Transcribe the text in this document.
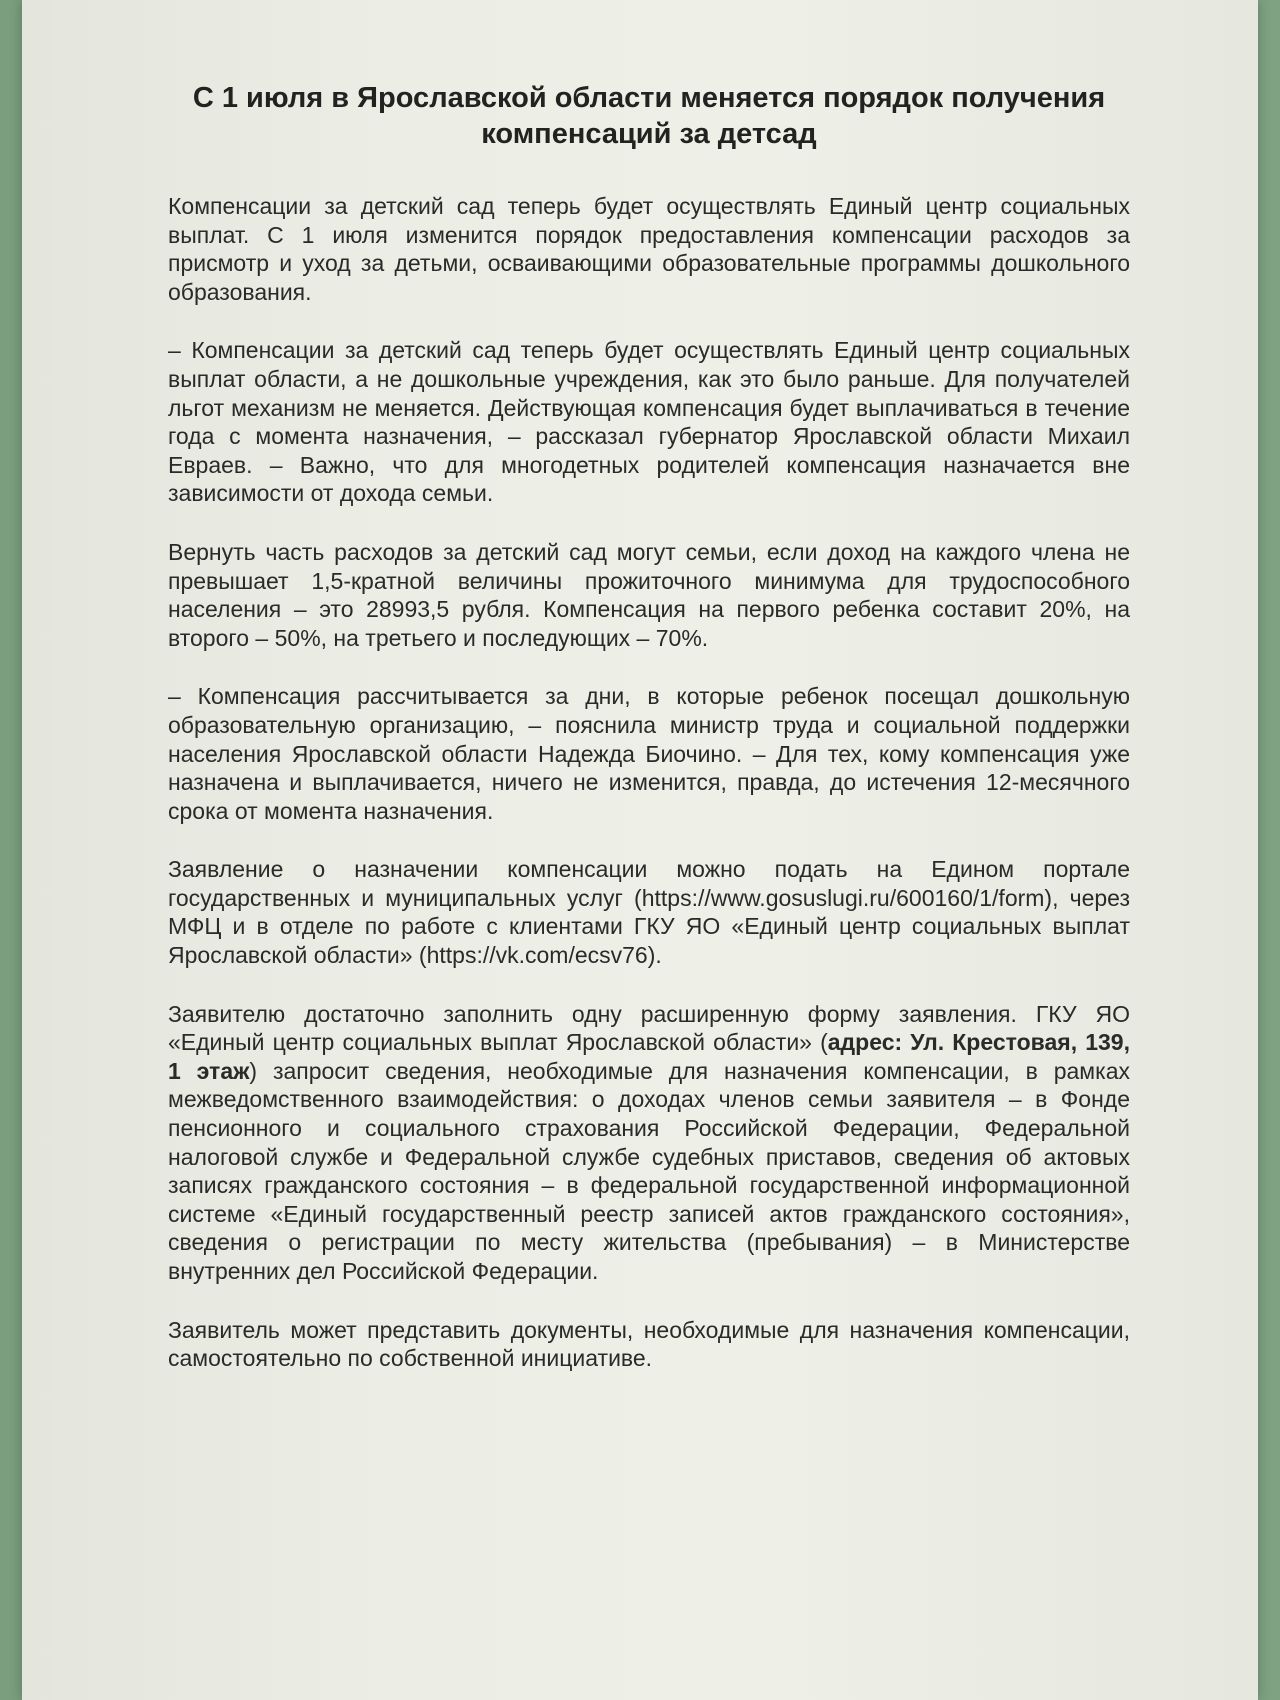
С 1 июля в Ярославской области меняется порядок получения компенсаций за детсад

Компенсации за детский сад теперь будет осуществлять Единый центр социальных выплат. С 1 июля изменится порядок предоставления компенсации расходов за присмотр и уход за детьми, осваивающими образовательные программы дошкольного образования.

– Компенсации за детский сад теперь будет осуществлять Единый центр социальных выплат области, а не дошкольные учреждения, как это было раньше. Для получателей льгот механизм не меняется. Действующая компенсация будет выплачиваться в течение года с момента назначения, – рассказал губернатор Ярославской области Михаил Евраев. – Важно, что для многодетных родителей компенсация назначается вне зависимости от дохода семьи.

Вернуть часть расходов за детский сад могут семьи, если доход на каждого члена не превышает 1,5-кратной величины прожиточного минимума для трудоспособного населения – это 28993,5 рубля. Компенсация на первого ребенка составит 20%, на второго – 50%, на третьего и последующих – 70%.

– Компенсация рассчитывается за дни, в которые ребенок посещал дошкольную образовательную организацию, – пояснила министр труда и социальной поддержки населения Ярославской области Надежда Биочино. – Для тех, кому компенсация уже назначена и выплачивается, ничего не изменится, правда, до истечения 12-месячного срока от момента назначения.

Заявление о назначении компенсации можно подать на Едином портале государственных и муниципальных услуг (https://www.gosuslugi.ru/600160/1/form), через МФЦ и в отделе по работе с клиентами ГКУ ЯО «Единый центр социальных выплат Ярославской области» (https://vk.com/ecsv76).

Заявителю достаточно заполнить одну расширенную форму заявления. ГКУ ЯО «Единый центр социальных выплат Ярославской области» (адрес: Ул. Крестовая, 139, 1 этаж) запросит сведения, необходимые для назначения компенсации, в рамках межведомственного взаимодействия: о доходах членов семьи заявителя – в Фонде пенсионного и социального страхования Российской Федерации, Федеральной налоговой службе и Федеральной службе судебных приставов, сведения об актовых записях гражданского состояния – в федеральной государственной информационной системе «Единый государственный реестр записей актов гражданского состояния», сведения о регистрации по месту жительства (пребывания) – в Министерстве внутренних дел Российской Федерации.

Заявитель может представить документы, необходимые для назначения компенсации, самостоятельно по собственной инициативе.
